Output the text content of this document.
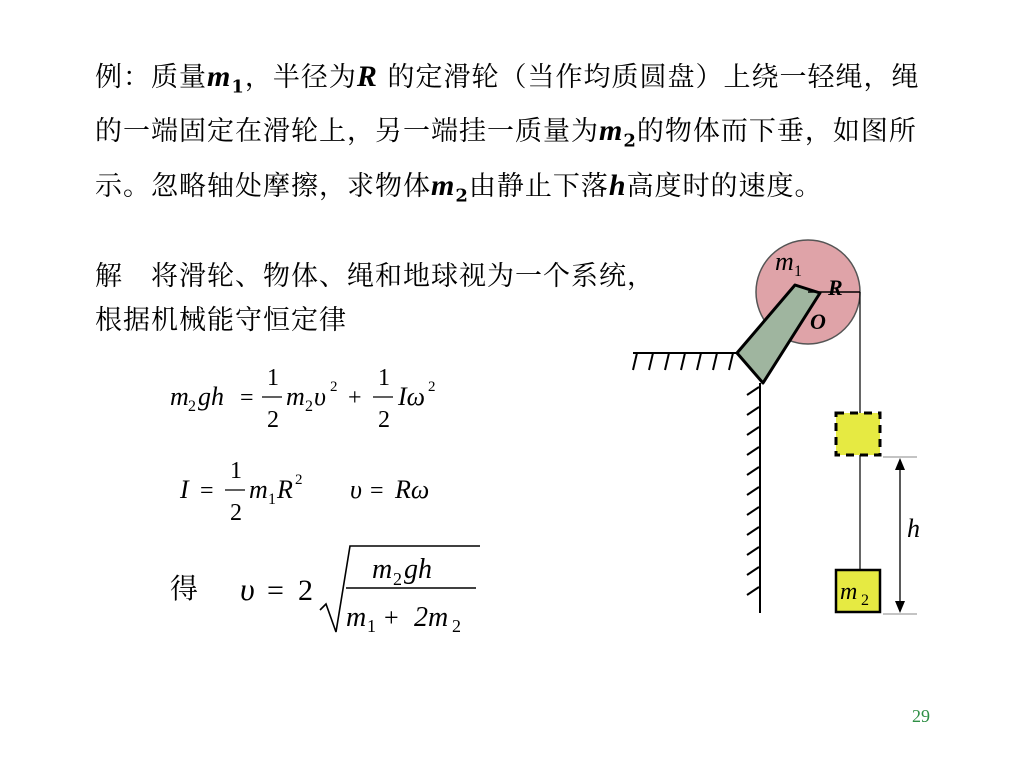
例：质量$m_1$，半径为R 的定滑轮（当作均质圆盘）上绕一轻绳，绳的一端固定在滑轮上，另一端挂一质量为$m_2$的物体而下垂，如图所示。忽略轴处摩擦，求物体$m_2$由静止下落h高度时的速度。
解　将滑轮、物体、绳和地球视为一个系统，根据机械能守恒定律
m 2 gh =
1
2
m 2 υ 2 +
1
2
Iω 2
I =
1
2
m 1 R 2 υ = Rω
得 υ = 2
m 2 gh
m 1 + 2m 2
m 1
R
O
h
m 2
29
